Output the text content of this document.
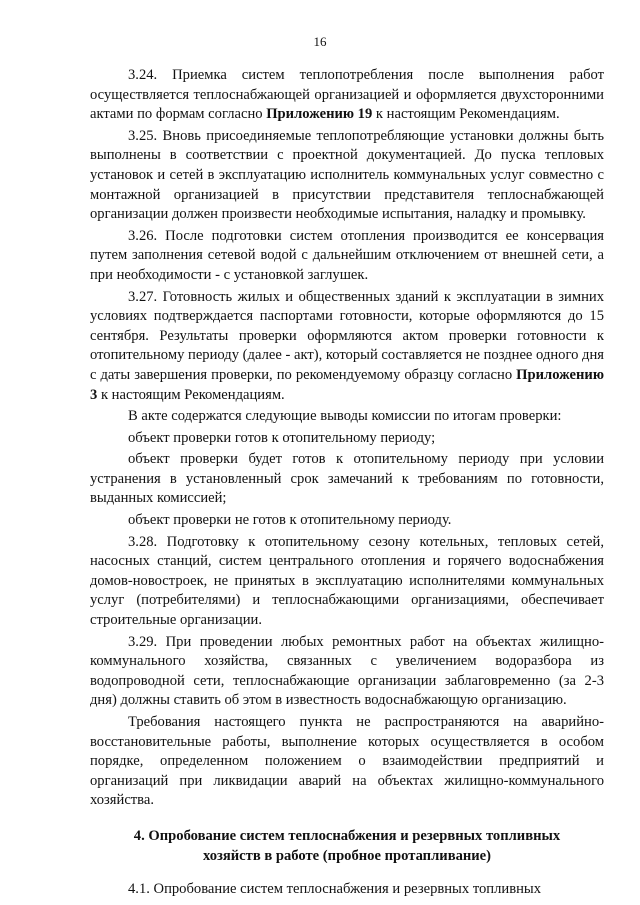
16

3.24. Приемка систем теплопотребления после выполнения работ осуществляется теплоснабжающей организацией и оформляется двухсторонними актами по формам согласно Приложению 19 к настоящим Рекомендациям.

3.25. Вновь присоединяемые теплопотребляющие установки должны быть выполнены в соответствии с проектной документацией. До пуска тепловых установок и сетей в эксплуатацию исполнитель коммунальных услуг совместно с монтажной организацией в присутствии представителя теплоснабжающей организации должен произвести необходимые испытания, наладку и промывку.

3.26. После подготовки систем отопления производится ее консервация путем заполнения сетевой водой с дальнейшим отключением от внешней сети, а при необходимости - с установкой заглушек.

3.27. Готовность жилых и общественных зданий к эксплуатации в зимних условиях подтверждается паспортами готовности, которые оформляются до 15 сентября. Результаты проверки оформляются актом проверки готовности к отопительному периоду (далее - акт), который составляется не позднее одного дня с даты завершения проверки, по рекомендуемому образцу согласно Приложению 3 к настоящим Рекомендациям.

В акте содержатся следующие выводы комиссии по итогам проверки:

объект проверки готов к отопительному периоду;

объект проверки будет готов к отопительному периоду при условии устранения в установленный срок замечаний к требованиям по готовности, выданных комиссией;

объект проверки не готов к отопительному периоду.

3.28. Подготовку к отопительному сезону котельных, тепловых сетей, насосных станций, систем центрального отопления и горячего водоснабжения домов-новостроек, не принятых в эксплуатацию исполнителями коммунальных услуг (потребителями) и теплоснабжающими организациями, обеспечивает строительные организации.

3.29. При проведении любых ремонтных работ на объектах жилищно-коммунального хозяйства, связанных с увеличением водоразбора из водопроводной сети, теплоснабжающие организации заблаговременно (за 2-3 дня) должны ставить об этом в известность водоснабжающую организацию.

Требования настоящего пункта не распространяются на аварийно-восстановительные работы, выполнение которых осуществляется в особом порядке, определенном положением о взаимодействии предприятий и организаций при ликвидации аварий на объектах жилищно-коммунального хозяйства.

4. Опробование систем теплоснабжения и резервных топливных
хозяйств в работе (пробное протапливание)

4.1. Опробование систем теплоснабжения и резервных топливных
